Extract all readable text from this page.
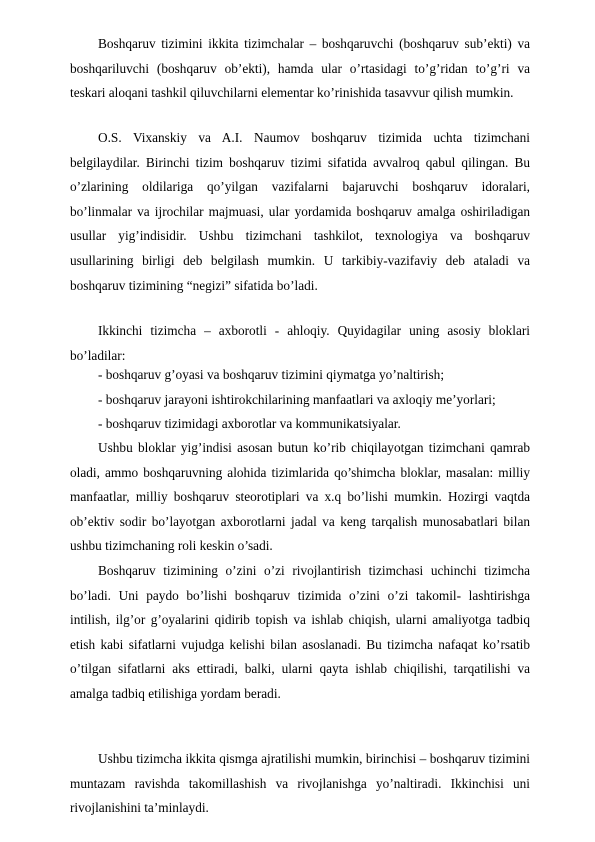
Boshqaruv tizimini ikkita tizimchalar – boshqaruvchi (boshqaruv sub’ekti) va boshqariluvchi (boshqaruv ob’ekti), hamda ular o’rtasidagi to’g’ridan to’g’ri va teskari aloqani tashkil qiluvchilarni elementar ko’rinishida tasavvur qilish mumkin.

O.S. Vixanskiy va A.I. Naumov boshqaruv tizimida uchta tizimchani belgilaydilar. Birinchi tizim boshqaruv tizimi sifatida avvalroq qabul qilingan. Bu o’zlarining oldilariga qo’yilgan vazifalarni bajaruvchi boshqaruv idoralari, bo’linmalar va ijrochilar majmuasi, ular yordamida boshqaruv amalga oshiriladigan usullar yig’indisidir. Ushbu tizimchani tashkilot, texnologiya va boshqaruv usullarining birligi deb belgilash mumkin. U tarkibiy-vazifaviy deb ataladi va boshqaruv tizimining “negizi” sifatida bo’ladi.

Ikkinchi tizimcha – axborotli - ahloqiy. Quyidagilar uning asosiy bloklari bo’ladilar:

- boshqaruv g’oyasi va boshqaruv tizimini qiymatga yo’naltirish;

- boshqaruv jarayoni ishtirokchilarining manfaatlari va axloqiy me’yorlari;

- boshqaruv tizimidagi axborotlar va kommunikatsiyalar.

Ushbu bloklar yig’indisi asosan butun ko’rib chiqilayotgan tizimchani qamrab oladi, ammo boshqaruvning alohida tizimlarida qo’shimcha bloklar, masalan: milliy manfaatlar, milliy boshqaruv steorotiplari va x.q bo’lishi mumkin. Hozirgi vaqtda ob’ektiv sodir bo’layotgan axborotlarni jadal va keng tarqalish munosabatlari bilan ushbu tizimchaning roli keskin o’sadi.

Boshqaruv tizimining o’zini o’zi rivojlantirish tizimchasi uchinchi tizimcha bo’ladi. Uni paydo bo’lishi boshqaruv tizimida o’zini o’zi takomil- lashtirishga intilish, ilg’or g’oyalarini qidirib topish va ishlab chiqish, ularni amaliyotga tadbiq etish kabi sifatlarni vujudga kelishi bilan asoslanadi. Bu tizimcha nafaqat ko’rsatib o’tilgan sifatlarni aks ettiradi, balki, ularni qayta ishlab chiqilishi, tarqatilishi va amalga tadbiq etilishiga yordam beradi.

Ushbu tizimcha ikkita qismga ajratilishi mumkin, birinchisi – boshqaruv tizimini muntazam ravishda takomillashish va rivojlanishga yo’naltiradi. Ikkinchisi uni rivojlanishini ta’minlaydi.
